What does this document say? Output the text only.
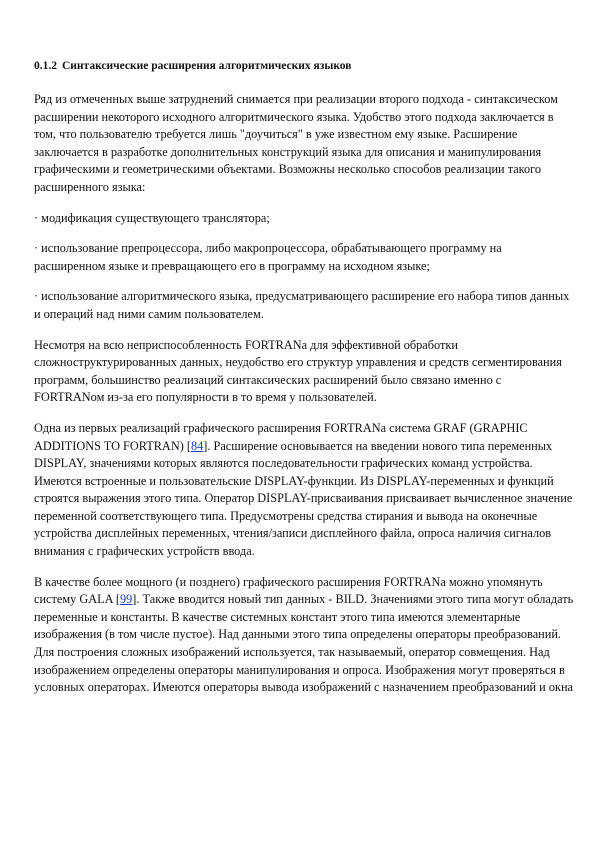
0.1.2 Синтаксические расширения алгоритмических языков

Ряд из отмеченных выше затруднений снимается при реализации второго подхода - синтаксическом расширении некоторого исходного алгоритмического языка. Удобство этого подхода заключается в том, что пользователю требуется лишь "доучиться" в уже известном ему языке. Расширение заключается в разработке дополнительных конструкций языка для описания и манипулирования графическими и геометрическими объектами. Возможны несколько способов реализации такого расширенного языка:

· модификация существующего транслятора;

· использование препроцессора, либо макропроцессора, обрабатывающего программу на расширенном языке и превращающего его в программу на исходном языке;

· использование алгоритмического языка, предусматривающего расширение его набора типов данных и операций над ними самим пользователем.

Несмотря на всю неприспособленность FORTRANа для эффективной обработки сложноструктурированных данных, неудобство его структур управления и средств сегментирования программ, большинство реализаций синтаксических расширений было связано именно с FORTRANом из-за его популярности в то время у пользователей.

Одна из первых реализаций графического расширения FORTRANа система GRAF (GRAPHIC ADDITIONS TO FORTRAN) [84]. Расширение основывается на введении нового типа переменных DISPLAY, значениями которых являются последовательности графических команд устройства. Имеются встроенные и пользовательские DISPLAY-функции. Из DISPLAY-переменных и функций строятся выражения этого типа. Оператор DISPLAY-присваивания присваивает вычисленное значение переменной соответствующего типа. Предусмотрены средства стирания и вывода на оконечные устройства дисплейных переменных, чтения/записи дисплейного файла, опроса наличия сигналов внимания с графических устройств ввода.

В качестве более мощного (и позднего) графического расширения FORTRANа можно упомянуть систему GALA [99]. Также вводится новый тип данных - BILD. Значениями этого типа могут обладать переменные и константы. В качестве системных констант этого типа имеются элементарные изображения (в том числе пустое). Над данными этого типа определены операторы преобразований. Для построения сложных изображений используется, так называемый, оператор совмещения. Над изображением определены операторы манипулирования и опроса. Изображения могут проверяться в условных операторах. Имеются операторы вывода изображений с назначением преобразований и окна
